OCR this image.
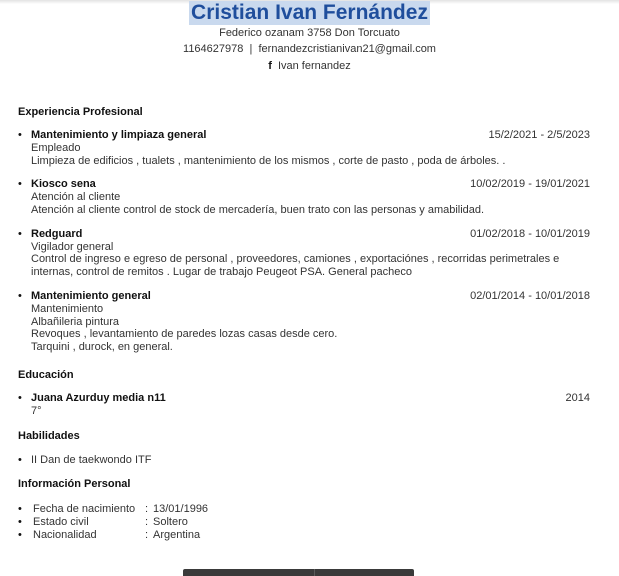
Cristian Ivan Fernández
Federico ozanam 3758 Don Torcuato
1164627978 | fernandezcristianivan21@gmail.com
f Ivan fernandez
Experiencia Profesional
• Mantenimiento y limpiaza general	15/2/2021 - 2/5/2023
Empleado
Limpieza de edificios , tualets , mantenimiento de los mismos , corte de pasto , poda de árboles. .
• Kiosco sena	10/02/2019 - 19/01/2021
Atención al cliente
Atención al cliente control de stock de mercadería, buen trato con las personas y amabilidad.
• Redguard	01/02/2018 - 10/01/2019
Vigilador general
Control de ingreso e egreso de personal , proveedores, camiones , exportaciónes , recorridas perimetrales e
internas, control de remitos . Lugar de trabajo Peugeot PSA. General pacheco
• Mantenimiento general	02/01/2014 - 10/01/2018
Mantenimiento
Albañileria pintura
Revoques , levantamiento de paredes lozas casas desde cero.
Tarquini , durock, en general.
Educación
• Juana Azurduy media n11	2014
7°
Habilidades
• II Dan de taekwondo ITF
Información Personal
• Fecha de nacimiento : 13/01/1996
• Estado civil	: Soltero
• Nacionalidad	: Argentina
